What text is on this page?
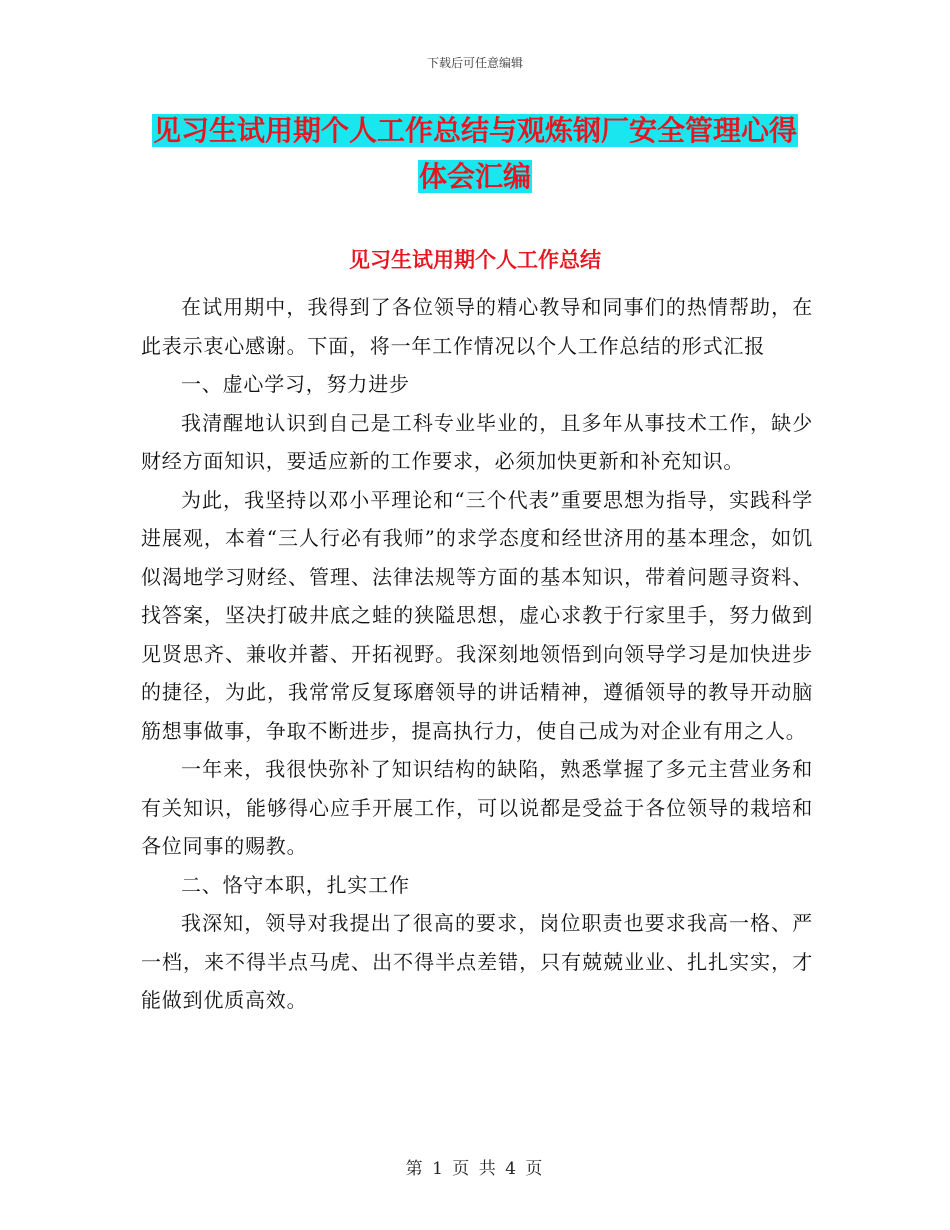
下载后可任意编辑
见习生试用期个人工作总结与观炼钢厂安全管理心得
体会汇编
见习生试用期个人工作总结

在试用期中，我得到了各位领导的精心教导和同事们的热情帮助，在此表示衷心感谢。下面，将一年工作情况以个人工作总结的形式汇报

一、虚心学习，努力进步

我清醒地认识到自己是工科专业毕业的，且多年从事技术工作，缺少财经方面知识，要适应新的工作要求，必须加快更新和补充知识。

为此，我坚持以邓小平理论和“三个代表”重要思想为指导，实践科学进展观，本着“三人行必有我师”的求学态度和经世济用的基本理念，如饥似渴地学习财经、管理、法律法规等方面的基本知识，带着问题寻资料、找答案，坚决打破井底之蛙的狭隘思想，虚心求教于行家里手，努力做到见贤思齐、兼收并蓄、开拓视野。我深刻地领悟到向领导学习是加快进步的捷径，为此，我常常反复琢磨领导的讲话精神，遵循领导的教导开动脑筋想事做事，争取不断进步，提高执行力，使自己成为对企业有用之人。

一年来，我很快弥补了知识结构的缺陷，熟悉掌握了多元主营业务和有关知识，能够得心应手开展工作，可以说都是受益于各位领导的栽培和各位同事的赐教。

二、恪守本职，扎实工作

我深知，领导对我提出了很高的要求，岗位职责也要求我高一格、严一档，来不得半点马虎、出不得半点差错，只有兢兢业业、扎扎实实，才能做到优质高效。

第 1 页 共 4 页
